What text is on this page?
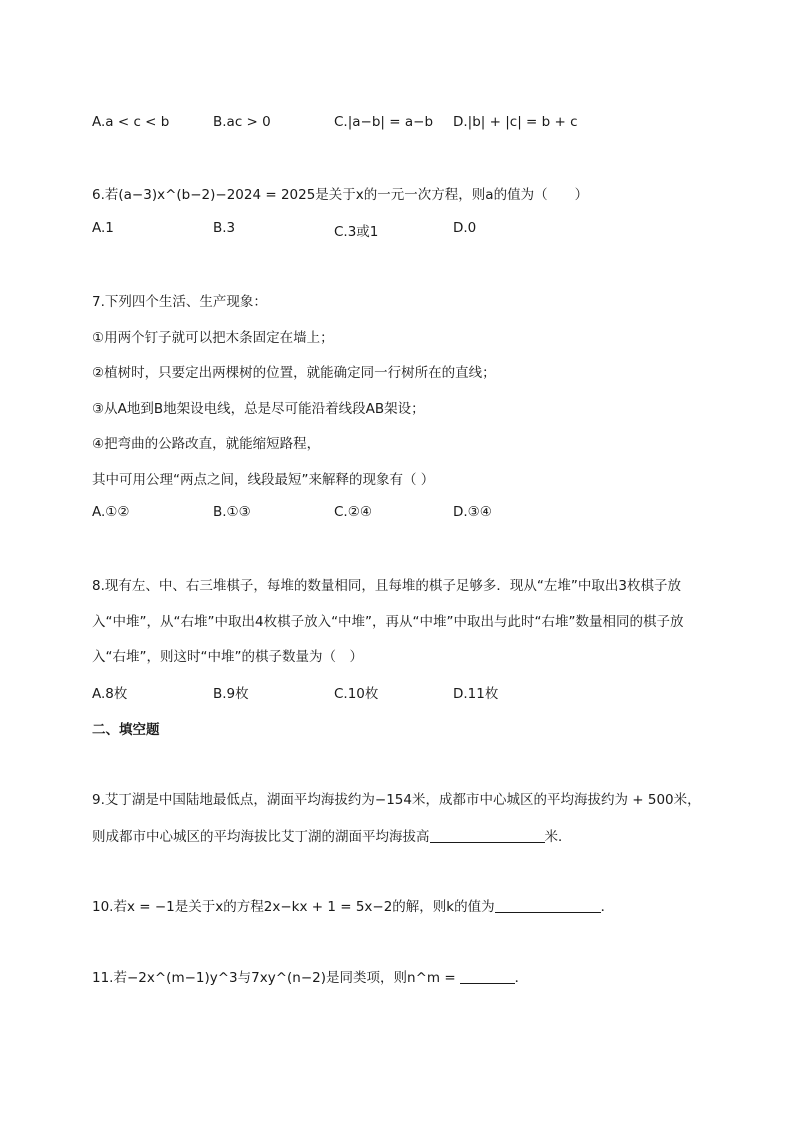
A.a < c < b	B.ac > 0	C.|a−b| = a−b D.|b| + |c| = b + c
6.若(a−3)x^(b−2)−2024 = 2025是关于x的一元一次方程，则a的值为（　　）
A.1	B.3	C.3或1	D.0
7.下列四个生活、生产现象：
①用两个钉子就可以把木条固定在墙上；
②植树时，只要定出两棵树的位置，就能确定同一行树所在的直线；
③从A地到B地架设电线，总是尽可能沿着线段AB架设；
④把弯曲的公路改直，就能缩短路程，
其中可用公理“两点之间，线段最短”来解释的现象有（ ）
A.①②	B.①③	C.②④	D.③④
8.现有左、中、右三堆棋子，每堆的数量相同，且每堆的棋子足够多．现从“左堆”中取出3枚棋子放
入“中堆”，从“右堆”中取出4枚棋子放入“中堆”，再从“中堆”中取出与此时“右堆”数量相同的棋子放
入“右堆”，则这时“中堆”的棋子数量为（　）
A.8枚	B.9枚	C.10枚	D.11枚
二、填空题
9.艾丁湖是中国陆地最低点，湖面平均海拔约为−154米，成都市中心城区的平均海拔约为 + 500米，
则成都市中心城区的平均海拔比艾丁湖的湖面平均海拔高	米．
10.若x = −1是关于x的方程2x−kx + 1 = 5x−2的解，则k的值为	．
11.若−2x^(m−1)y^3与7xy^(n−2)是同类项，则n^m =	．
